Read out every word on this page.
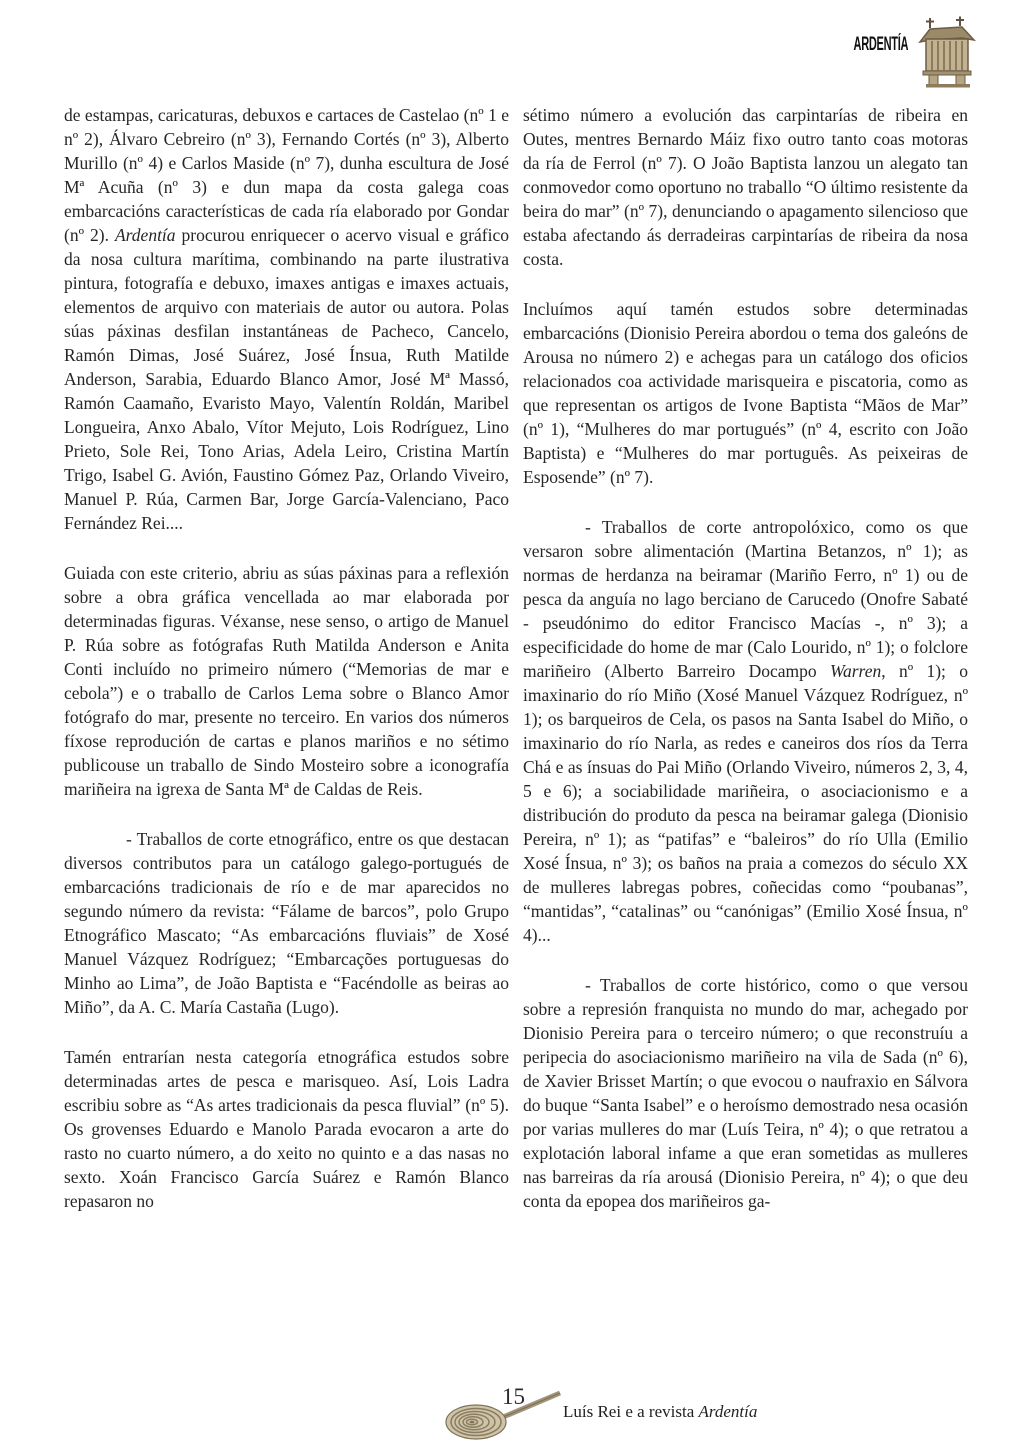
ARDENTÍA

de estampas, caricaturas, debuxos e cartaces de Castelao (nº 1 e nº 2), Álvaro Cebreiro (nº 3), Fernando Cortés (nº 3), Alberto Murillo (nº 4) e Carlos Maside (nº 7), dunha escultura de José Mª Acuña (nº 3) e dun mapa da costa galega coas embarcacións características de cada ría elaborado por Gondar (nº 2). Ardentía procurou enriquecer o acervo visual e gráfico da nosa cultura marítima, combinando na parte ilustrativa pintura, fotografía e debuxo, imaxes antigas e imaxes actuais, elementos de arquivo con materiais de autor ou autora. Polas súas páxinas desfilan instantáneas de Pacheco, Cancelo, Ramón Dimas, José Suárez, José Ínsua, Ruth Matilde Anderson, Sarabia, Eduardo Blanco Amor, José Mª Massó, Ramón Caamaño, Evaristo Mayo, Valentín Roldán, Maribel Longueira, Anxo Abalo, Vítor Mejuto, Lois Rodríguez, Lino Prieto, Sole Rei, Tono Arias, Adela Leiro, Cristina Martín Trigo, Isabel G. Avión, Faustino Gómez Paz, Orlando Viveiro, Manuel P. Rúa, Carmen Bar, Jorge García-Valenciano, Paco Fernández Rei....

Guiada con este criterio, abriu as súas páxinas para a reflexión sobre a obra gráfica vencellada ao mar elaborada por determinadas figuras. Véxanse, nese senso, o artigo de Manuel P. Rúa sobre as fotógrafas Ruth Matilda Anderson e Anita Conti incluído no primeiro número (“Memorias de mar e cebola”) e o traballo de Carlos Lema sobre o Blanco Amor fotógrafo do mar, presente no terceiro. En varios dos números fíxose reprodución de cartas e planos mariños e no sétimo publicouse un traballo de Sindo Mosteiro sobre a iconografía mariñeira na igrexa de Santa Mª de Caldas de Reis.

- Traballos de corte etnográfico, entre os que destacan diversos contributos para un catálogo galego-portugués de embarcacións tradicionais de río e de mar aparecidos no segundo número da revista: “Fálame de barcos”, polo Grupo Etnográfico Mascato; “As embarcacións fluviais” de Xosé Manuel Vázquez Rodríguez; “Embarcações portuguesas do Minho ao Lima”, de João Baptista e “Facéndolle as beiras ao Miño”, da A. C. María Castaña (Lugo).

Tamén entrarían nesta categoría etnográfica estudos sobre determinadas artes de pesca e marisqueo. Así, Lois Ladra escribiu sobre as “As artes tradicionais da pesca fluvial” (nº 5). Os grovenses Eduardo e Manolo Parada evocaron a arte do rasto no cuarto número, a do xeito no quinto e a das nasas no sexto. Xoán Francisco García Suárez e Ramón Blanco repasaron no

sétimo número a evolución das carpintarías de ribeira en Outes, mentres Bernardo Máiz fixo outro tanto coas motoras da ría de Ferrol (nº 7). O João Baptista lanzou un alegato tan conmovedor como oportuno no traballo “O último resistente da beira do mar” (nº 7), denunciando o apagamento silencioso que estaba afectando ás derradeiras carpintarías de ribeira da nosa costa.

Incluímos aquí tamén estudos sobre determinadas embarcacións (Dionisio Pereira abordou o tema dos galeóns de Arousa no número 2) e achegas para un catálogo dos oficios relacionados coa actividade marisqueira e piscatoria, como as que representan os artigos de Ivone Baptista “Mãos de Mar” (nº 1), “Mulheres do mar portugués” (nº 4, escrito con João Baptista) e “Mulheres do mar português. As peixeiras de Esposende” (nº 7).

- Traballos de corte antropolóxico, como os que versaron sobre alimentación (Martina Betanzos, nº 1); as normas de herdanza na beiramar (Mariño Ferro, nº 1) ou de pesca da anguía no lago berciano de Carucedo (Onofre Sabaté - pseudónimo do editor Francisco Macías -, nº 3); a especificidade do home de mar (Calo Lourido, nº 1); o folclore mariñeiro (Alberto Barreiro Docampo Warren, nº 1); o imaxinario do río Miño (Xosé Manuel Vázquez Rodríguez, nº 1); os barqueiros de Cela, os pasos na Santa Isabel do Miño, o imaxinario do río Narla, as redes e caneiros dos ríos da Terra Chá e as ínsuas do Pai Miño (Orlando Viveiro, números 2, 3, 4, 5 e 6); a sociabilidade mariñeira, o asociacionismo e a distribución do produto da pesca na beiramar galega (Dionisio Pereira, nº 1); as “patifas” e “baleiros” do río Ulla (Emilio Xosé Ínsua, nº 3); os baños na praia a comezos do século XX de mulleres labregas pobres, coñecidas como “poubanas”, “mantidas”, “catalinas” ou “canónigas” (Emilio Xosé Ínsua, nº 4)...

- Traballos de corte histórico, como o que versou sobre a represión franquista no mundo do mar, achegado por Dionisio Pereira para o terceiro número; o que reconstruíu a peripecia do asociacionismo mariñeiro na vila de Sada (nº 6), de Xavier Brisset Martín; o que evocou o naufraxio en Sálvora do buque “Santa Isabel” e o heroísmo demostrado nesa ocasión por varias mulleres do mar (Luís Teira, nº 4); o que retratou a explotación laboral infame a que eran sometidas as mulleres nas barreiras da ría arousá (Dionisio Pereira, nº 4); o que deu conta da epopea dos mariñeiros ga-

15
Luís Rei e a revista Ardentía
